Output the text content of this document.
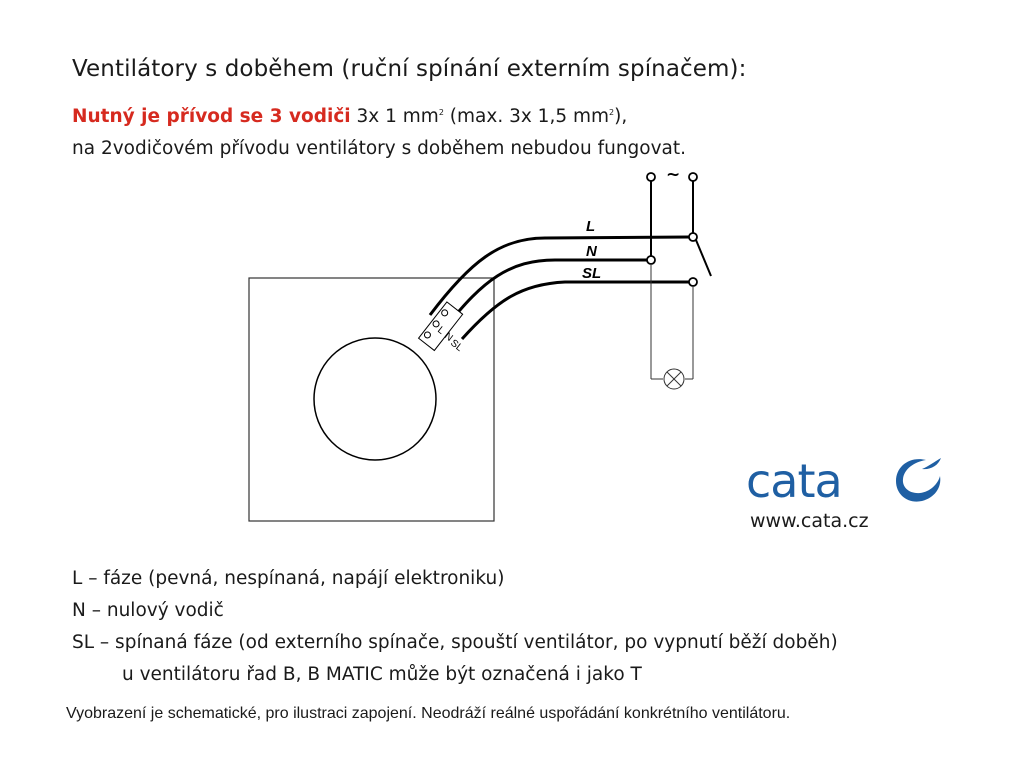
Ventilátory s doběhem (ruční spínání externím spínačem):
Nutný je přívod se 3 vodiči 3x 1 $mm^2$ (max. 3x 1,5 $mm^2$),
na 2vodičovém přívodu ventilátory s doběhem nebudou fungovat.
L
N
SL
L
N
SL
~
cata
www.cata.cz
L – fáze (pevná, nespínaná, napájí elektroniku)
N – nulový vodič
SL – spínaná fáze (od externího spínače, spouští ventilátor, po vypnutí běží doběh)
u ventilátoru řad B, B MATIC může být označená i jako T
Vyobrazení je schematické, pro ilustraci zapojení. Neodráží reálné uspořádání konkrétního ventilátoru.
